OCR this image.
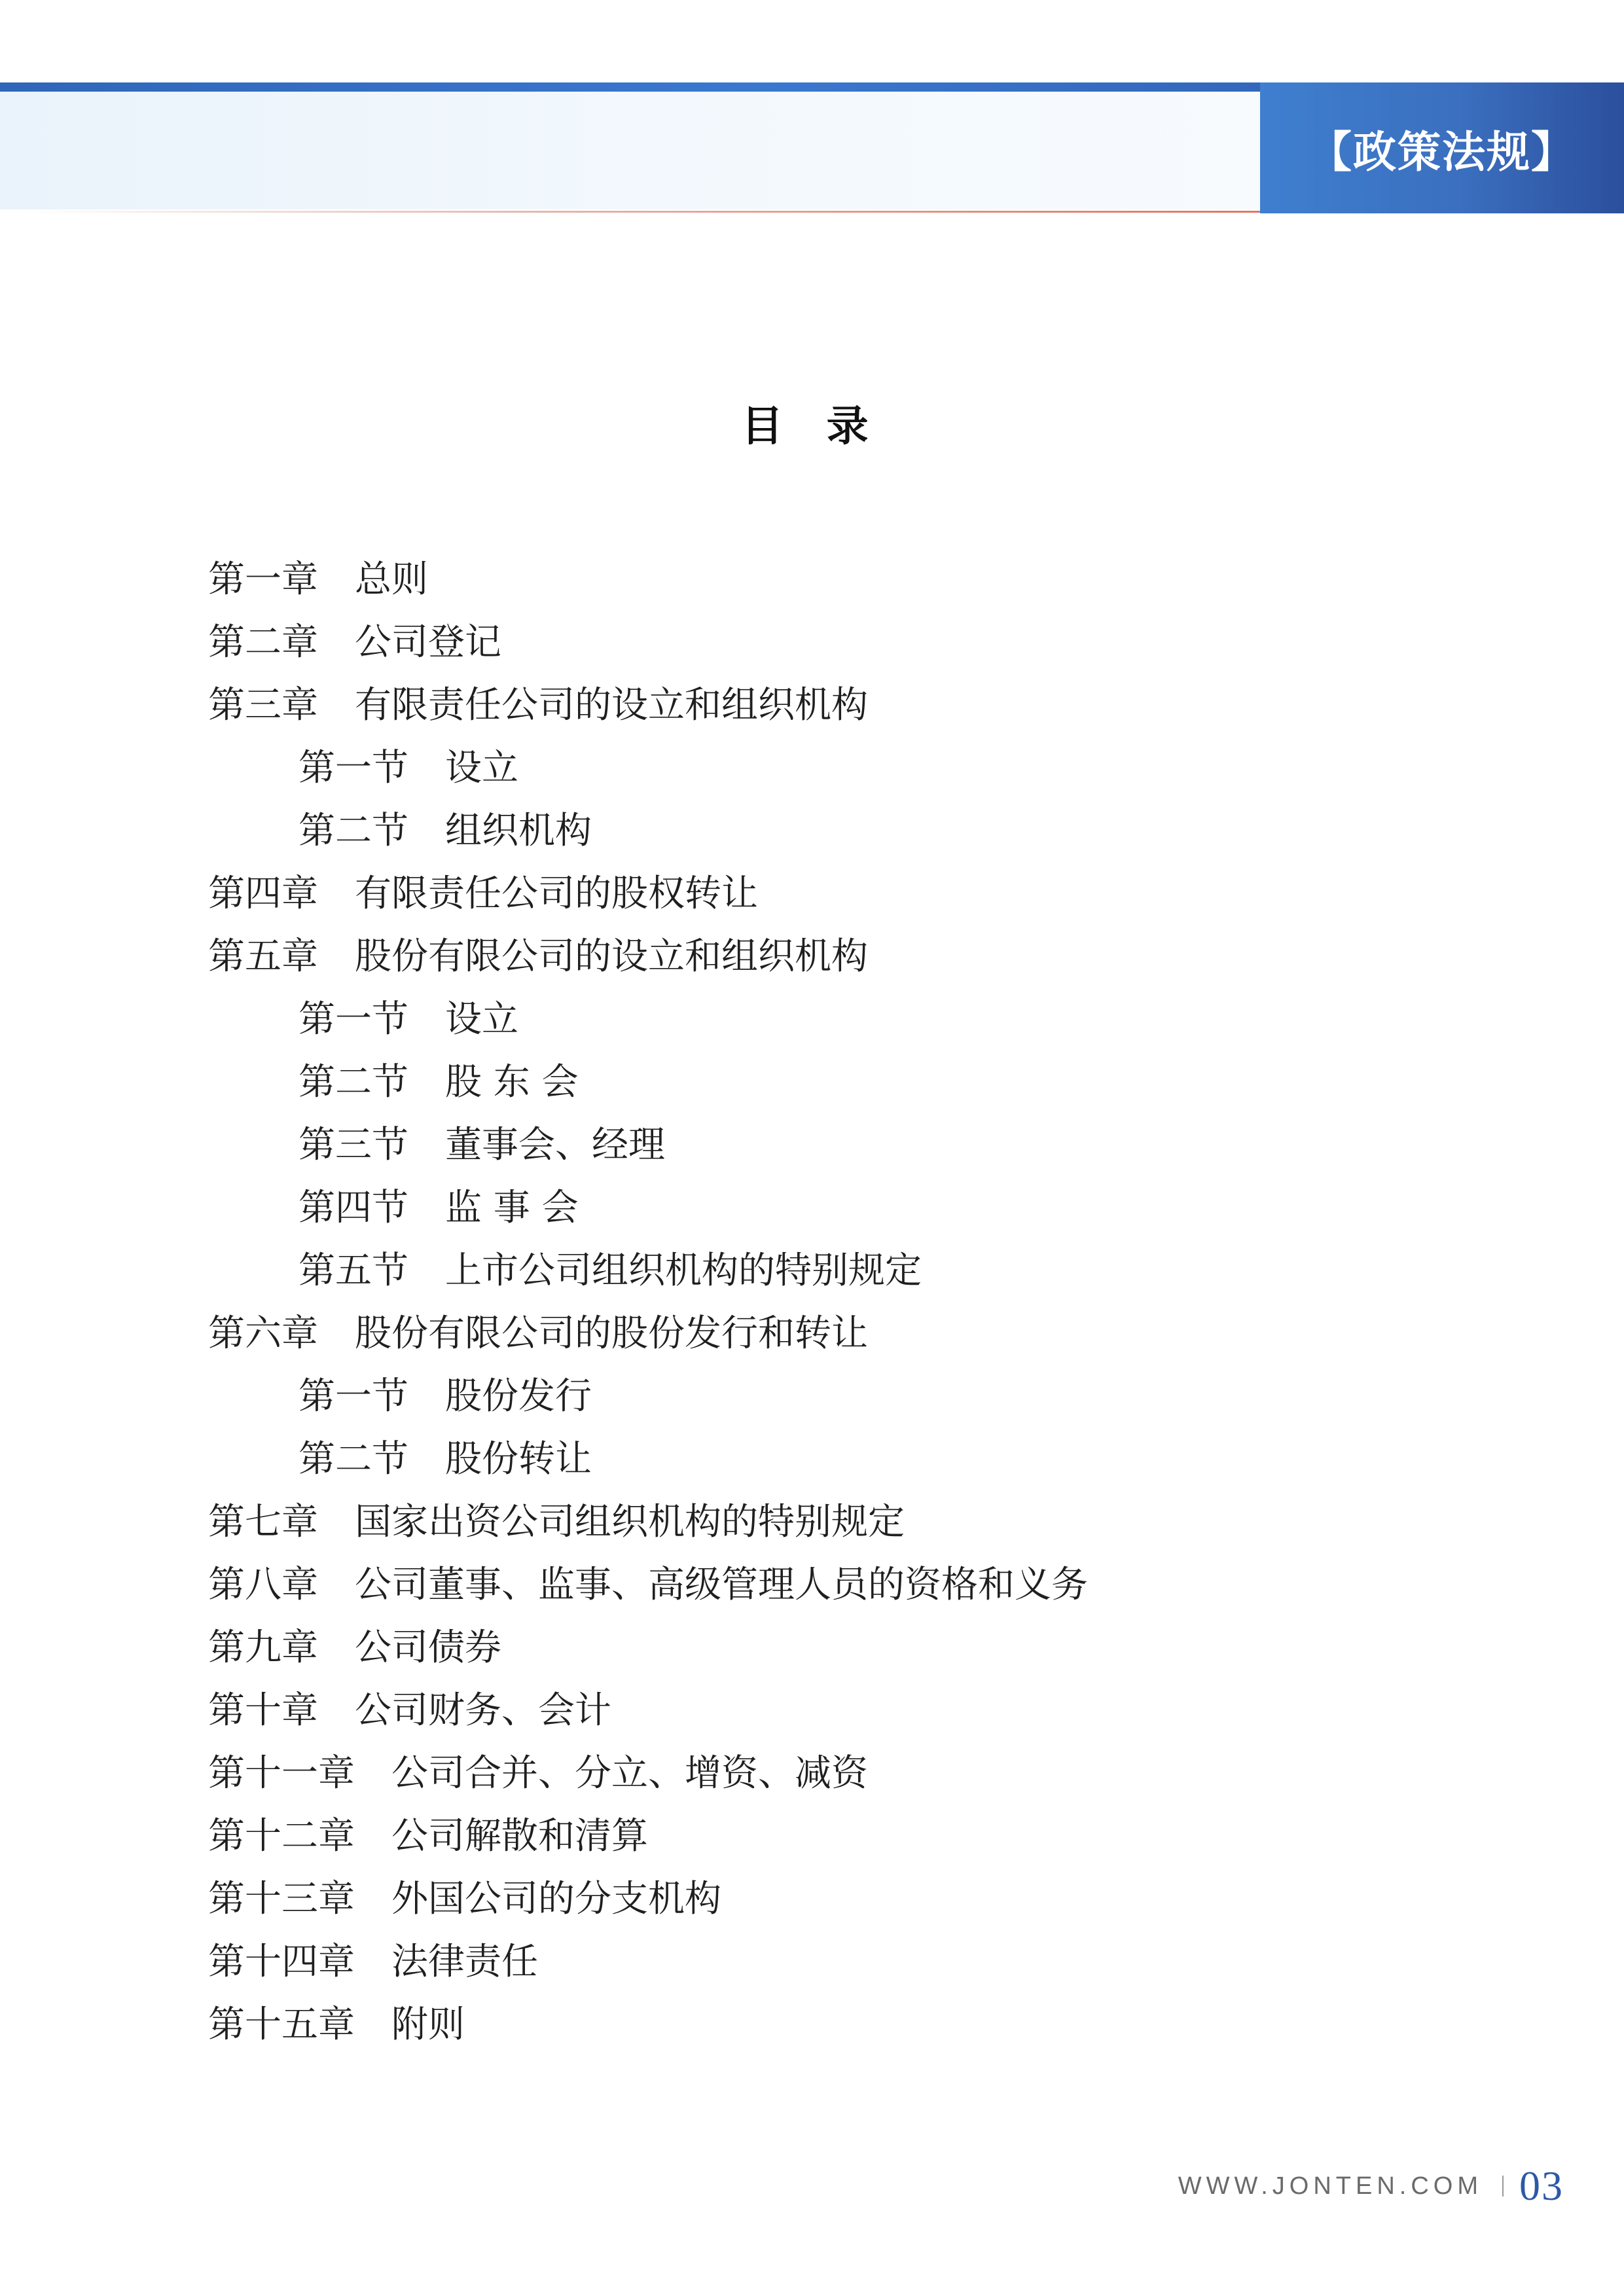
【政策法规】
目 录
第一章 总则
第二章 公司登记
第三章 有限责任公司的设立和组织机构
第一节 设立
第二节 组织机构
第四章 有限责任公司的股权转让
第五章 股份有限公司的设立和组织机构
第一节 设立
第二节 股 东 会
第三节 董事会、经理
第四节 监 事 会
第五节 上市公司组织机构的特别规定
第六章 股份有限公司的股份发行和转让
第一节 股份发行
第二节 股份转让
第七章 国家出资公司组织机构的特别规定
第八章 公司董事、监事、高级管理人员的资格和义务
第九章 公司债券
第十章 公司财务、会计
第十一章 公司合并、分立、增资、减资
第十二章 公司解散和清算
第十三章 外国公司的分支机构
第十四章 法律责任
第十五章 附则
WWW.JONTEN.COM 03
